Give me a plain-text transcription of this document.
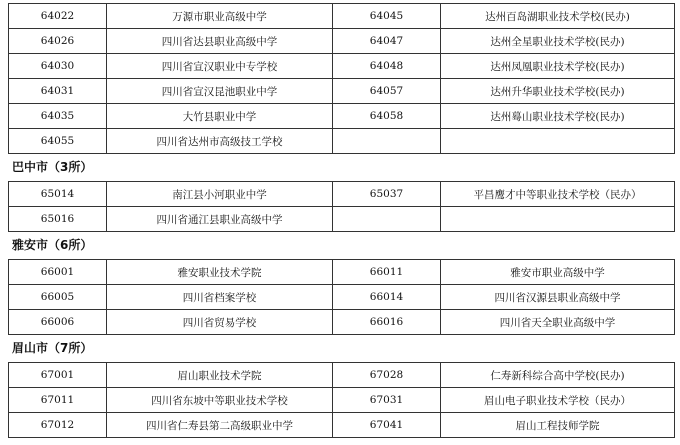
64022	万源市职业高级中学	64045	达州百岛湖职业技术学校(民办)
64026	四川省达县职业高级中学	64047	达州全星职业技术学校(民办)
64030	四川省宣汉职业中专学校	64048	达州凤凰职业技术学校(民办)
64031	四川省宣汉昆池职业中学	64057	达州升华职业技术学校(民办)
64035	大竹县职业中学	64058	达州蓦山职业技术学校(民办)
64055	四川省达州市高级技工学校		
巴中市（3所）
65014	南江县小河职业中学	65037	平昌鹰才中等职业技术学校（民办）
65016	四川省通江县职业高级中学		
雅安市（6所）
66001	雅安职业技术学院	66011	雅安市职业高级中学
66005	四川省档案学校	66014	四川省汉源县职业高级中学
66006	四川省贸易学校	66016	四川省天全职业高级中学
眉山市（7所）
67001	眉山职业技术学院	67028	仁寿新科综合高中学校(民办)
67011	四川省东坡中等职业技术学校	67031	眉山电子职业技术学校（民办）
67012	四川省仁寿县第二高级职业中学	67041	眉山工程技师学院
